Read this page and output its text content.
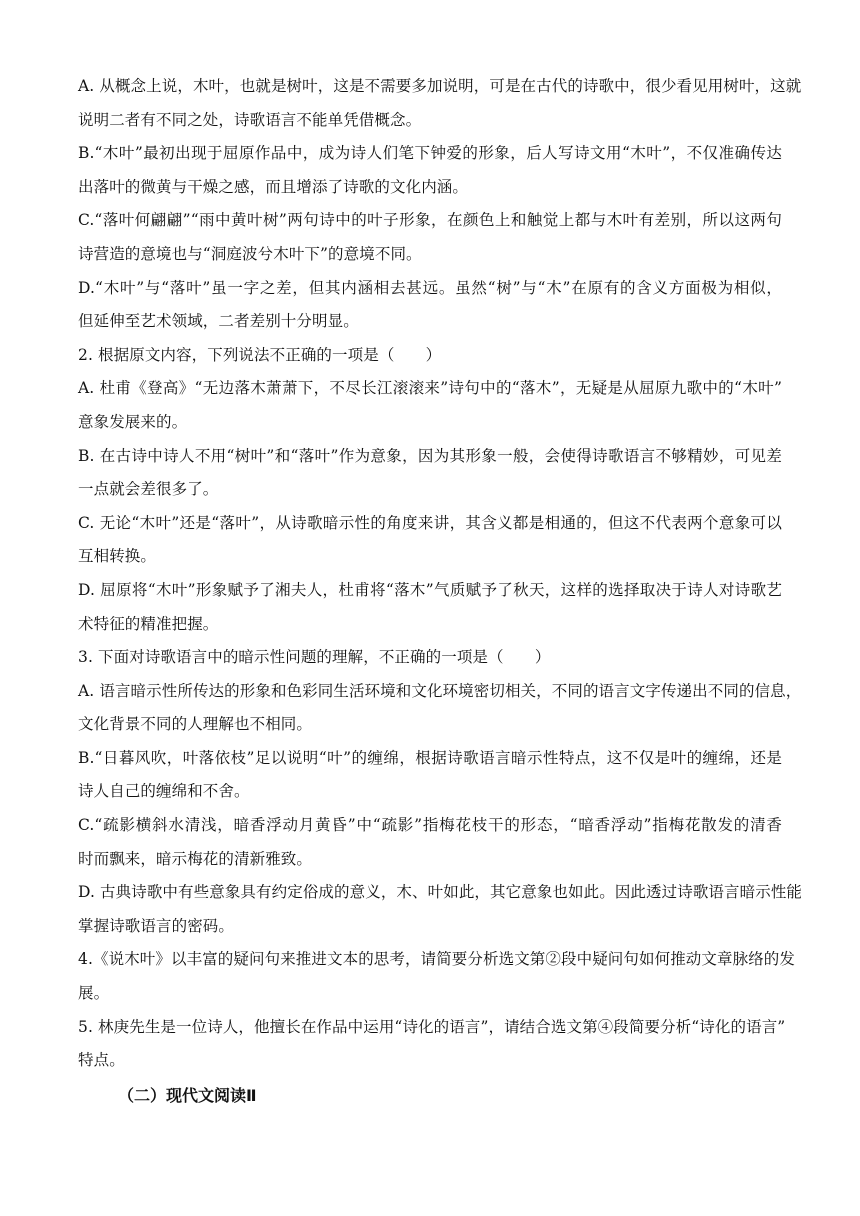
A. 从概念上说，木叶，也就是树叶，这是不需要多加说明，可是在古代的诗歌中，很少看见用树叶，这就
说明二者有不同之处，诗歌语言不能单凭借概念。
B.“木叶”最初出现于屈原作品中，成为诗人们笔下钟爱的形象，后人写诗文用“木叶”，不仅准确传达
出落叶的微黄与干燥之感，而且增添了诗歌的文化内涵。
C.“落叶何翩翩”“雨中黄叶树”两句诗中的叶子形象，在颜色上和触觉上都与木叶有差别，所以这两句
诗营造的意境也与“洞庭波兮木叶下”的意境不同。
D.“木叶”与“落叶”虽一字之差，但其内涵相去甚远。虽然“树”与“木”在原有的含义方面极为相似，
但延伸至艺术领域，二者差别十分明显。
2. 根据原文内容，下列说法不正确的一项是（　　）
A. 杜甫《登高》“无边落木萧萧下，不尽长江滚滚来”诗句中的“落木”，无疑是从屈原九歌中的“木叶”
意象发展来的。
B. 在古诗中诗人不用“树叶”和“落叶”作为意象，因为其形象一般，会使得诗歌语言不够精妙，可见差
一点就会差很多了。
C. 无论“木叶”还是“落叶”，从诗歌暗示性的角度来讲，其含义都是相通的，但这不代表两个意象可以
互相转换。
D. 屈原将“木叶”形象赋予了湘夫人，杜甫将“落木”气质赋予了秋天，这样的选择取决于诗人对诗歌艺
术特征的精准把握。
3. 下面对诗歌语言中的暗示性问题的理解，不正确的一项是（　　）
A. 语言暗示性所传达的形象和色彩同生活环境和文化环境密切相关，不同的语言文字传递出不同的信息，
文化背景不同的人理解也不相同。
B.“日暮风吹，叶落依枝”足以说明“叶”的缠绵，根据诗歌语言暗示性特点，这不仅是叶的缠绵，还是
诗人自己的缠绵和不舍。
C.“疏影横斜水清浅，暗香浮动月黄昏”中“疏影”指梅花枝干的形态，“暗香浮动”指梅花散发的清香
时而飘来，暗示梅花的清新雅致。
D. 古典诗歌中有些意象具有约定俗成的意义，木、叶如此，其它意象也如此。因此透过诗歌语言暗示性能
掌握诗歌语言的密码。
4.《说木叶》以丰富的疑问句来推进文本的思考，请简要分析选文第②段中疑问句如何推动文章脉络的发
展。
5. 林庚先生是一位诗人，他擅长在作品中运用“诗化的语言”，请结合选文第④段简要分析“诗化的语言”
特点。
（二）现代文阅读Ⅱ
